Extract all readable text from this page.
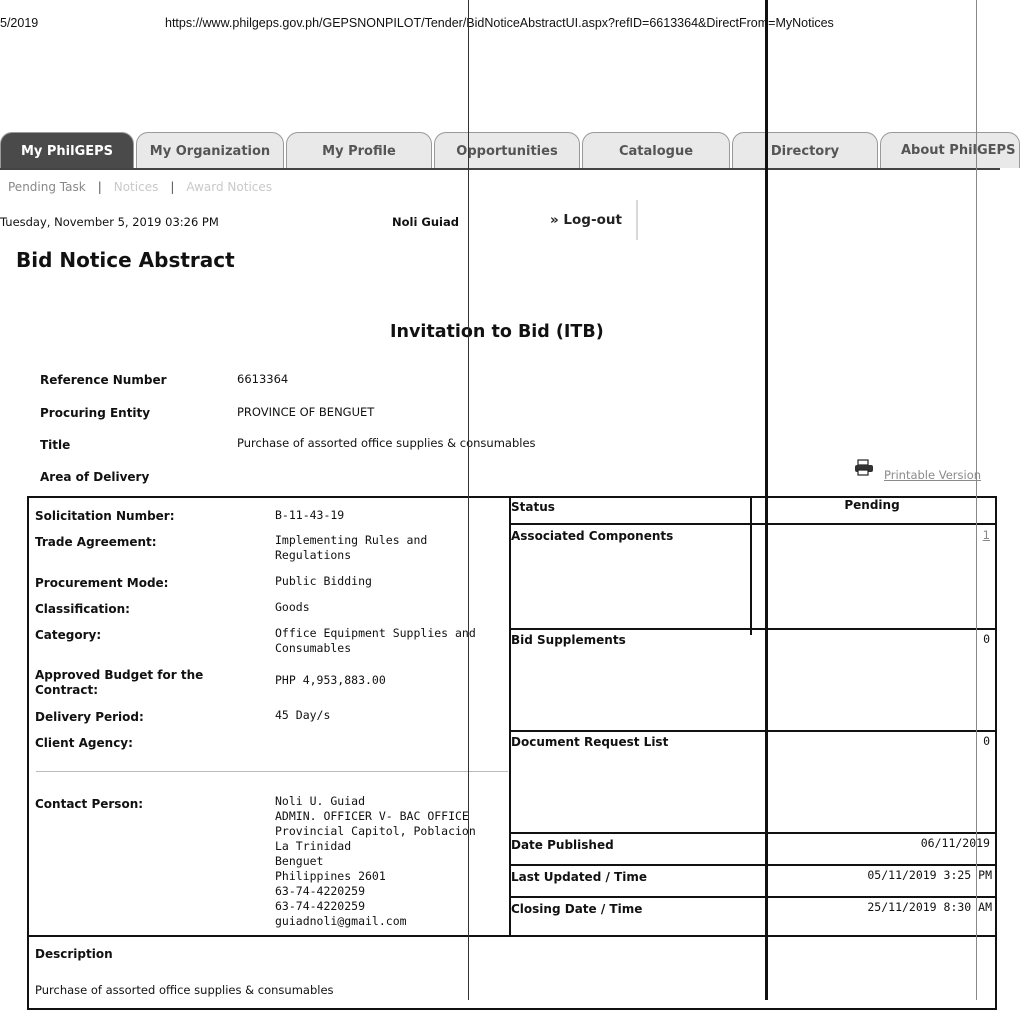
5/2019	https://www.philgeps.gov.ph/GEPSNONPILOT/Tender/BidNoticeAbstractUI.aspx?refID=6613364&DirectFrom=MyNotices
My PhilGEPS	My Organization	My Profile	Opportunities	Catalogue	Directory	About PhilGEPS
Pending Task | Notices | Award Notices
Tuesday, November 5, 2019 03:26 PM	Noli Guiad	» Log-out
Bid Notice Abstract
Invitation to Bid (ITB)
Reference Number	6613364
Procuring Entity	PROVINCE OF BENGUET
Title	Purchase of assorted office supplies & consumables
Area of Delivery	Printable Version
Solicitation Number:	B-11-43-19
Trade Agreement:	Implementing Rules and
Regulations
Procurement Mode:	Public Bidding
Classification:	Goods
Category:	Office Equipment Supplies and
Consumables
Approved Budget for the
Contract:
PHP 4,953,883.00
Delivery Period:	45 Day/s
Client Agency:
Contact Person:	Noli U. Guiad
ADMIN. OFFICER V- BAC OFFICE
Provincial Capitol, Poblacion
La Trinidad
Benguet
Philippines 2601
63-74-4220259
63-74-4220259
guiadnoli@gmail.com
Status	Pending
Associated Components	1
Bid Supplements	0
Document Request List	0
Date Published	06/11/2019
Last Updated / Time	05/11/2019 3:25 PM
Closing Date / Time	25/11/2019 8:30 AM
Description
Purchase of assorted office supplies & consumables
